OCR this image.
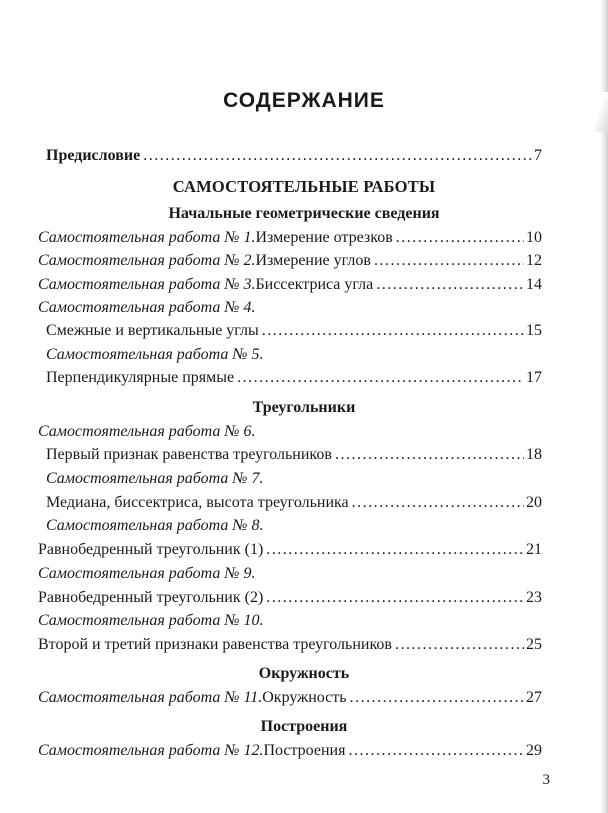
СОДЕРЖАНИЕ
Предисловие .....	7
САМОСТОЯТЕЛЬНЫЕ РАБОТЫ
Начальные геометрические сведения
Самостоятельная работа № 1. Измерение отрезков .....	10
Самостоятельная работа № 2. Измерение углов .....	12
Самостоятельная работа № 3. Биссектриса угла .....	14
Самостоятельная работа № 4.
Смежные и вертикальные углы .....	15
Самостоятельная работа № 5.
Перпендикулярные прямые .....	17
Треугольники
Самостоятельная работа № 6.
Первый признак равенства треугольников .....	18
Самостоятельная работа № 7.
Медиана, биссектриса, высота треугольника .....	20
Самостоятельная работа № 8.
Равнобедренный треугольник (1) .....	21
Самостоятельная работа № 9.
Равнобедренный треугольник (2) .....	23
Самостоятельная работа № 10.
Второй и третий признаки равенства треугольников .....	25
Окружность
Самостоятельная работа № 11. Окружность .....	27
Построения
Самостоятельная работа № 12. Построения .....	29
3
